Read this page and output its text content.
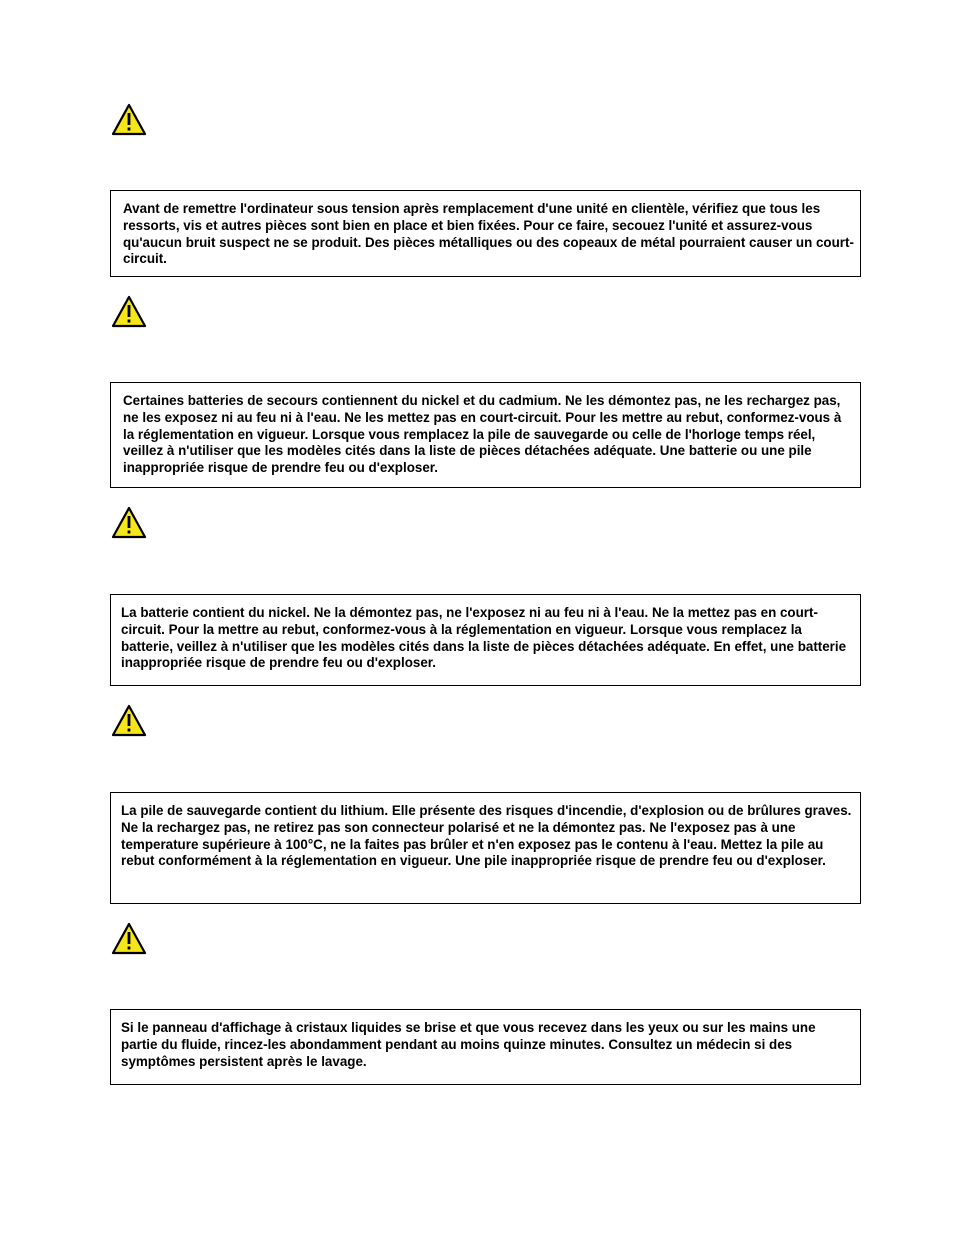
Avant de remettre l'ordinateur sous tension après remplacement d'une unité en clientèle, vérifiez que tous les ressorts, vis et autres pièces sont bien en place et bien fixées. Pour ce faire, secouez l'unité et assurez-vous qu'aucun bruit suspect ne se produit. Des pièces métalliques ou des copeaux de métal pourraient causer un court-circuit.

Certaines batteries de secours contiennent du nickel et du cadmium. Ne les démontez pas, ne les rechargez pas, ne les exposez ni au feu ni à l'eau. Ne les mettez pas en court-circuit. Pour les mettre au rebut, conformez-vous à la réglementation en vigueur. Lorsque vous remplacez la pile de sauvegarde ou celle de l'horloge temps réel, veillez à n'utiliser que les modèles cités dans la liste de pièces détachées adéquate. Une batterie ou une pile inappropriée risque de prendre feu ou d'exploser.

La batterie contient du nickel. Ne la démontez pas, ne l'exposez ni au feu ni à l'eau. Ne la mettez pas en court-circuit. Pour la mettre au rebut, conformez-vous à la réglementation en vigueur. Lorsque vous remplacez la batterie, veillez à n'utiliser que les modèles cités dans la liste de pièces détachées adéquate. En effet, une batterie inappropriée risque de prendre feu ou d'exploser.

La pile de sauvegarde contient du lithium. Elle présente des risques d'incendie, d'explosion ou de brûlures graves. Ne la rechargez pas, ne retirez pas son connecteur polarisé et ne la démontez pas. Ne l'exposez pas à une temperature supérieure à 100°C, ne la faites pas brûler et n'en exposez pas le contenu à l'eau. Mettez la pile au rebut conformément à la réglementation en vigueur. Une pile inappropriée risque de prendre feu ou d'exploser.

Si le panneau d'affichage à cristaux liquides se brise et que vous recevez dans les yeux ou sur les mains une partie du fluide, rincez-les abondamment pendant au moins quinze minutes. Consultez un médecin si des symptômes persistent après le lavage.
